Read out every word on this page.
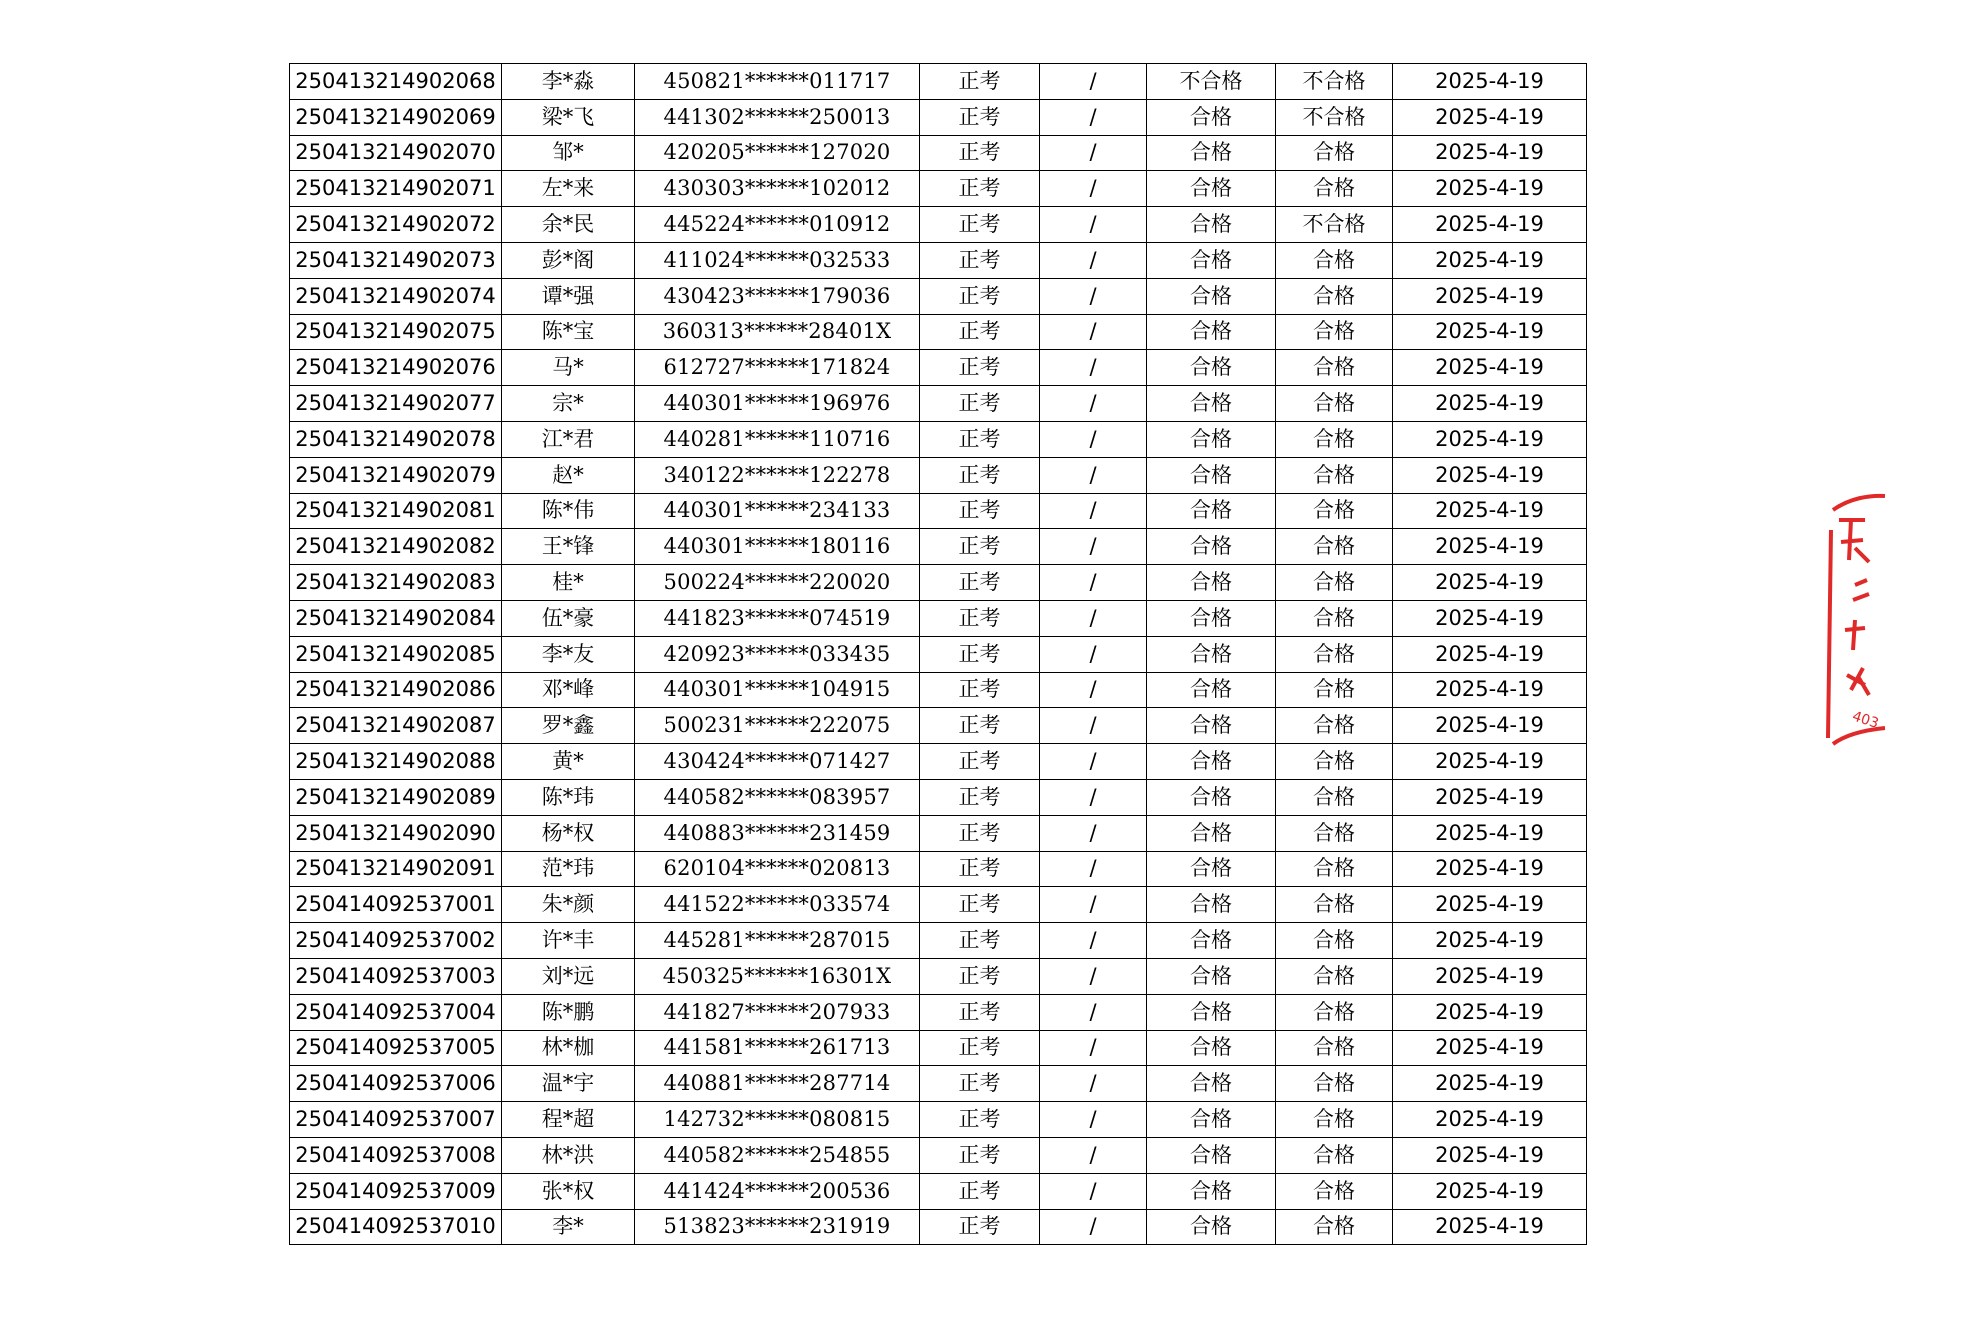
250413214902068	李*淼	450821******011717	正考	/	不合格	不合格	2025-4-19
250413214902069	梁*飞	441302******250013	正考	/	合格	不合格	2025-4-19
250413214902070	邹*	420205******127020	正考	/	合格	合格	2025-4-19
250413214902071	左*来	430303******102012	正考	/	合格	合格	2025-4-19
250413214902072	余*民	445224******010912	正考	/	合格	不合格	2025-4-19
250413214902073	彭*阁	411024******032533	正考	/	合格	合格	2025-4-19
250413214902074	谭*强	430423******179036	正考	/	合格	合格	2025-4-19
250413214902075	陈*宝	360313******28401X	正考	/	合格	合格	2025-4-19
250413214902076	马*	612727******171824	正考	/	合格	合格	2025-4-19
250413214902077	宗*	440301******196976	正考	/	合格	合格	2025-4-19
250413214902078	江*君	440281******110716	正考	/	合格	合格	2025-4-19
250413214902079	赵*	340122******122278	正考	/	合格	合格	2025-4-19
250413214902081	陈*伟	440301******234133	正考	/	合格	合格	2025-4-19
250413214902082	王*锋	440301******180116	正考	/	合格	合格	2025-4-19
250413214902083	桂*	500224******220020	正考	/	合格	合格	2025-4-19
250413214902084	伍*豪	441823******074519	正考	/	合格	合格	2025-4-19
250413214902085	李*友	420923******033435	正考	/	合格	合格	2025-4-19
250413214902086	邓*峰	440301******104915	正考	/	合格	合格	2025-4-19
250413214902087	罗*鑫	500231******222075	正考	/	合格	合格	2025-4-19
250413214902088	黄*	430424******071427	正考	/	合格	合格	2025-4-19
250413214902089	陈*玮	440582******083957	正考	/	合格	合格	2025-4-19
250413214902090	杨*权	440883******231459	正考	/	合格	合格	2025-4-19
250413214902091	范*玮	620104******020813	正考	/	合格	合格	2025-4-19
250414092537001	朱*颜	441522******033574	正考	/	合格	合格	2025-4-19
250414092537002	许*丰	445281******287015	正考	/	合格	合格	2025-4-19
250414092537003	刘*远	450325******16301X	正考	/	合格	合格	2025-4-19
250414092537004	陈*鹏	441827******207933	正考	/	合格	合格	2025-4-19
250414092537005	林*枷	441581******261713	正考	/	合格	合格	2025-4-19
250414092537006	温*宇	440881******287714	正考	/	合格	合格	2025-4-19
250414092537007	程*超	142732******080815	正考	/	合格	合格	2025-4-19
250414092537008	林*洪	440582******254855	正考	/	合格	合格	2025-4-19
250414092537009	张*权	441424******200536	正考	/	合格	合格	2025-4-19
250414092537010	李*	513823******231919	正考	/	合格	合格	2025-4-19
403
